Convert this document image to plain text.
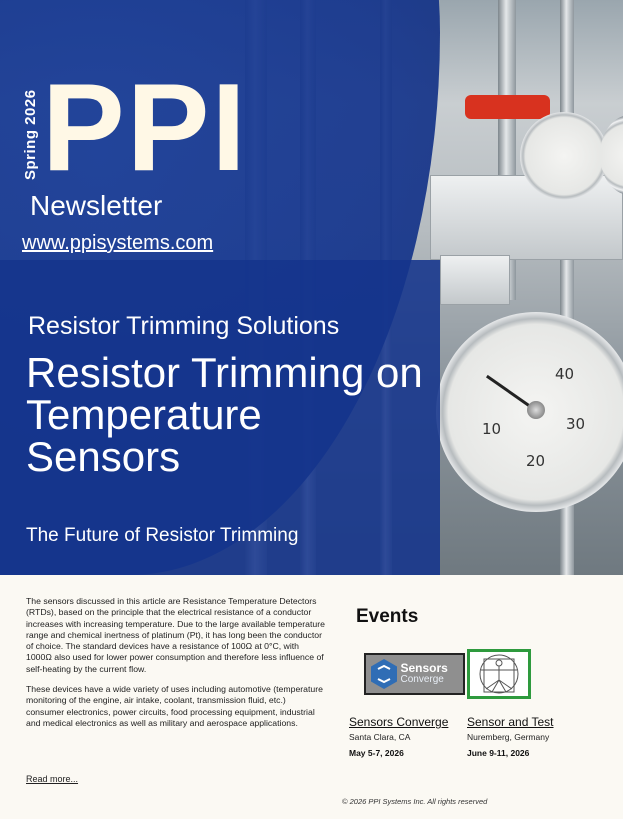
40
30
20
10
Spring 2026 PPI
Newsletter
www.ppisystems.com
Resistor Trimming Solutions
Resistor Trimming on Temperature Sensors
The Future of Resistor Trimming

The sensors discussed in this article are Resistance Temperature Detectors (RTDs), based on the principle that the electrical resistance of a conductor increases with increasing temperature. Due to the large available temperature range and chemical inertness of platinum (Pt), it has long been the conductor of choice. The standard devices have a resistance of 100Ω at 0°C, with 1000Ω also used for lower power consumption and therefore less influence of self-heating by the current flow.

These devices have a wide variety of uses including automotive (temperature monitoring of the engine, air intake, coolant, transmission fluid, etc.) consumer electronics, power circuits, food processing equipment, industrial and medical electronics as well as military and aerospace applications.

Read more...
Events
Sensors
Converge
Sensors Converge
Santa Clara, CA
May 5-7, 2026
Sensor and Test
Nuremberg, Germany
June 9-11, 2026
© 2026 PPI Systems Inc. All rights reserved
